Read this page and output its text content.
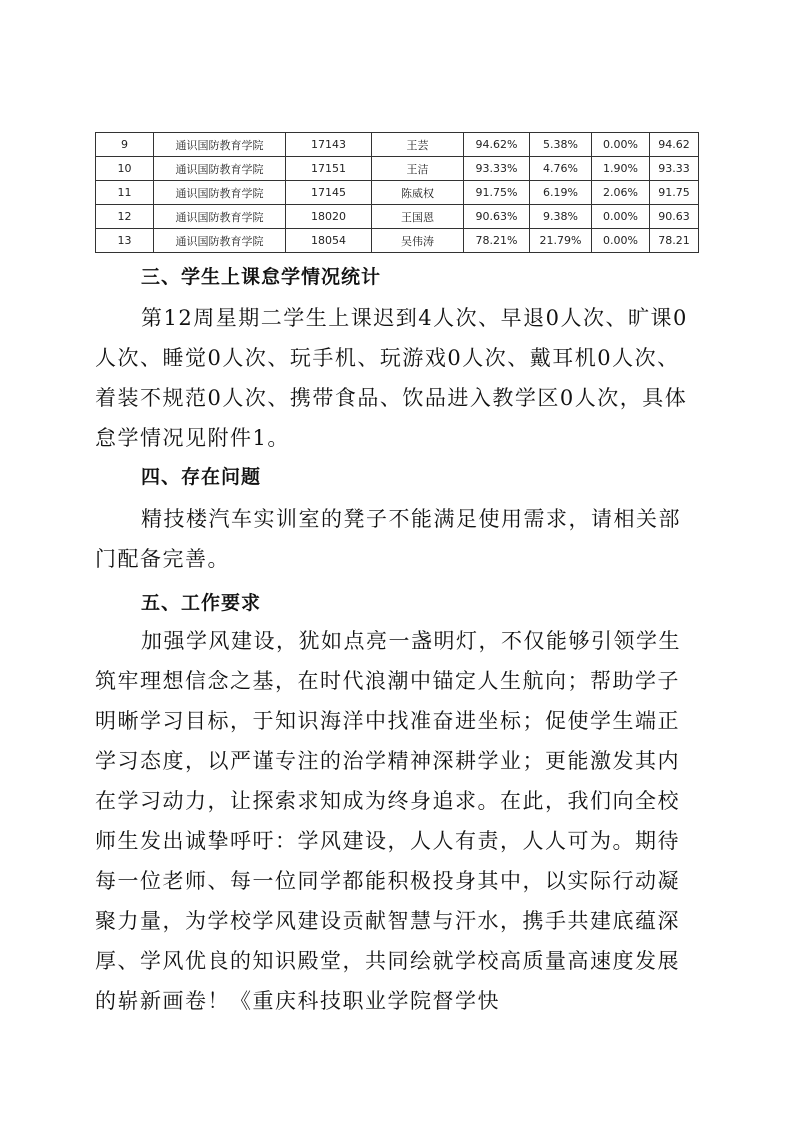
9	通识国防教育学院	17143	王芸	94.62%	5.38%	0.00%	94.62
10	通识国防教育学院	17151	王洁	93.33%	4.76%	1.90%	93.33
11	通识国防教育学院	17145	陈威权	91.75%	6.19%	2.06%	91.75
12	通识国防教育学院	18020	王国恩	90.63%	9.38%	0.00%	90.63
13	通识国防教育学院	18054	吴伟涛	78.21%	21.79%	0.00%	78.21
三、学生上课怠学情况统计

第12周星期二学生上课迟到4人次、早退0人次、旷课0人次、睡觉0人次、玩手机、玩游戏0人次、戴耳机0人次、着装不规范0人次、携带食品、饮品进入教学区0人次，具体怠学情况见附件1。

四、存在问题

精技楼汽车实训室的凳子不能满足使用需求，请相关部门配备完善。

五、工作要求

加强学风建设，犹如点亮一盏明灯，不仅能够引领学生筑牢理想信念之基，在时代浪潮中锚定人生航向；帮助学子明晰学习目标，于知识海洋中找准奋进坐标；促使学生端正学习态度，以严谨专注的治学精神深耕学业；更能激发其内在学习动力，让探索求知成为终身追求。在此，我们向全校师生发出诚挚呼吁：学风建设，人人有责，人人可为。期待每一位老师、每一位同学都能积极投身其中，以实际行动凝聚力量，为学校学风建设贡献智慧与汗水，携手共建底蕴深厚、学风优良的知识殿堂，共同绘就学校高质量高速度发展的崭新画卷！《重庆科技职业学院督学快
